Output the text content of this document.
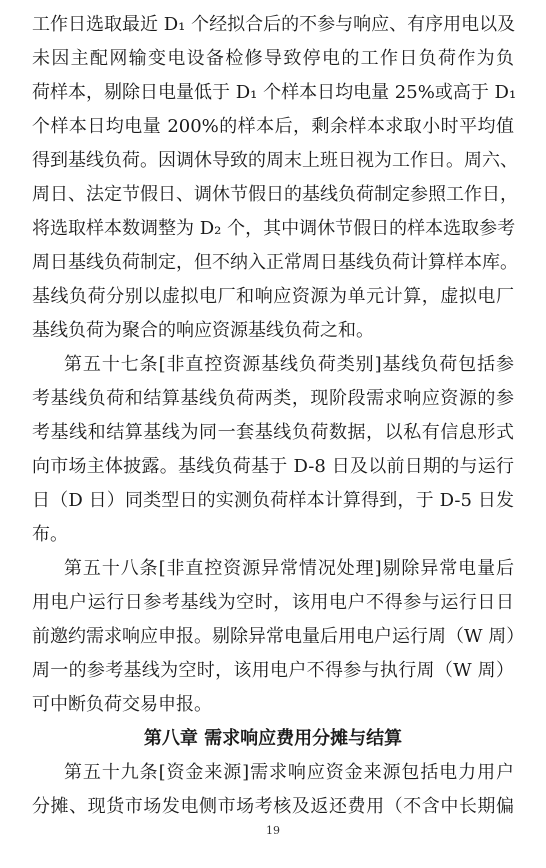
工作日选取最近 D₁ 个经拟合后的不参与响应、有序用电以及
未因主配网输变电设备检修导致停电的工作日负荷作为负
荷样本，剔除日电量低于 D₁ 个样本日均电量 25%或高于 D₁
个样本日均电量 200%的样本后，剩余样本求取小时平均值
得到基线负荷。因调休导致的周末上班日视为工作日。周六、
周日、法定节假日、调休节假日的基线负荷制定参照工作日，
将选取样本数调整为 D₂ 个，其中调休节假日的样本选取参考
周日基线负荷制定，但不纳入正常周日基线负荷计算样本库。
基线负荷分别以虚拟电厂和响应资源为单元计算，虚拟电厂
基线负荷为聚合的响应资源基线负荷之和。
第五十七条[非直控资源基线负荷类别]基线负荷包括参
考基线负荷和结算基线负荷两类，现阶段需求响应资源的参
考基线和结算基线为同一套基线负荷数据，以私有信息形式
向市场主体披露。基线负荷基于 D-8 日及以前日期的与运行
日（D 日）同类型日的实测负荷样本计算得到，于 D-5 日发
布。
第五十八条[非直控资源异常情况处理]剔除异常电量后
用电户运行日参考基线为空时，该用电户不得参与运行日日
前邀约需求响应申报。剔除异常电量后用电户运行周（W 周）
周一的参考基线为空时，该用电户不得参与执行周（W 周）
可中断负荷交易申报。
第八章 需求响应费用分摊与结算
第五十九条[资金来源]需求响应资金来源包括电力用户
分摊、现货市场发电侧市场考核及返还费用（不含中长期偏
19
